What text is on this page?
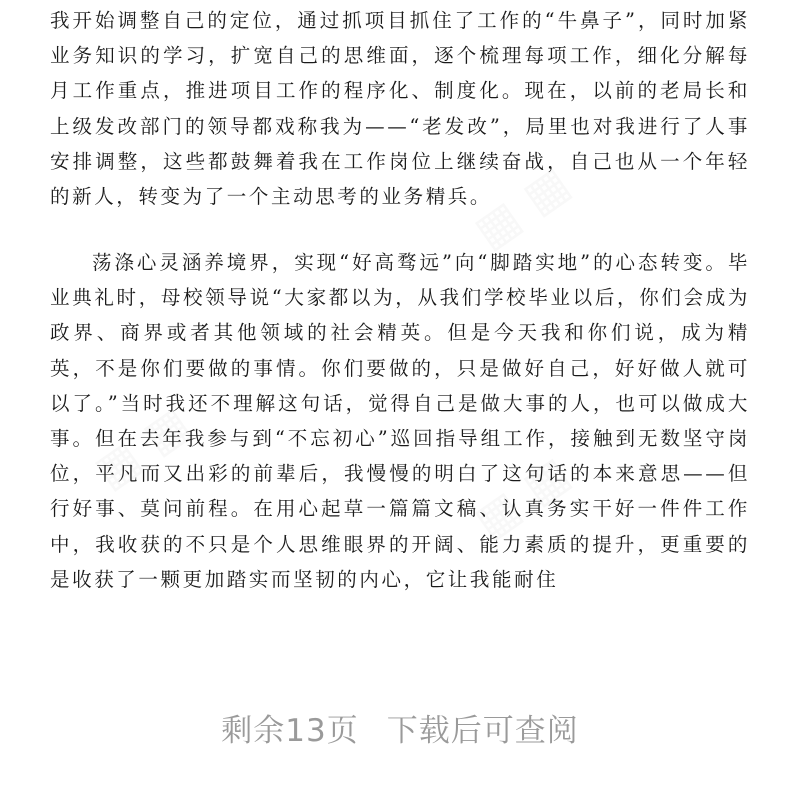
▦ ▦
▦ ▦	▦ ▦

我开始调整自己的定位，通过抓项目抓住了工作的“牛鼻子”，同时加紧业务知识的学习，扩宽自己的思维面，逐个梳理每项工作，细化分解每月工作重点，推进项目工作的程序化、制度化。现在，以前的老局长和上级发改部门的领导都戏称我为——“老发改”，局里也对我进行了人事安排调整，这些都鼓舞着我在工作岗位上继续奋战，自己也从一个年轻的新人，转变为了一个主动思考的业务精兵。

荡涤心灵涵养境界，实现“好高骛远”向“脚踏实地”的心态转变。毕业典礼时，母校领导说“大家都以为，从我们学校毕业以后，你们会成为政界、商界或者其他领域的社会精英。但是今天我和你们说，成为精英，不是你们要做的事情。你们要做的，只是做好自己，好好做人就可以了。”当时我还不理解这句话，觉得自己是做大事的人，也可以做成大事。但在去年我参与到“不忘初心”巡回指导组工作，接触到无数坚守岗位，平凡而又出彩的前辈后，我慢慢的明白了这句话的本来意思——但行好事、莫问前程。在用心起草一篇篇文稿、认真务实干好一件件工作中，我收获的不只是个人思维眼界的开阔、能力素质的提升，更重要的是收获了一颗更加踏实而坚韧的内心，它让我能耐住

剩余13页 下载后可查阅
